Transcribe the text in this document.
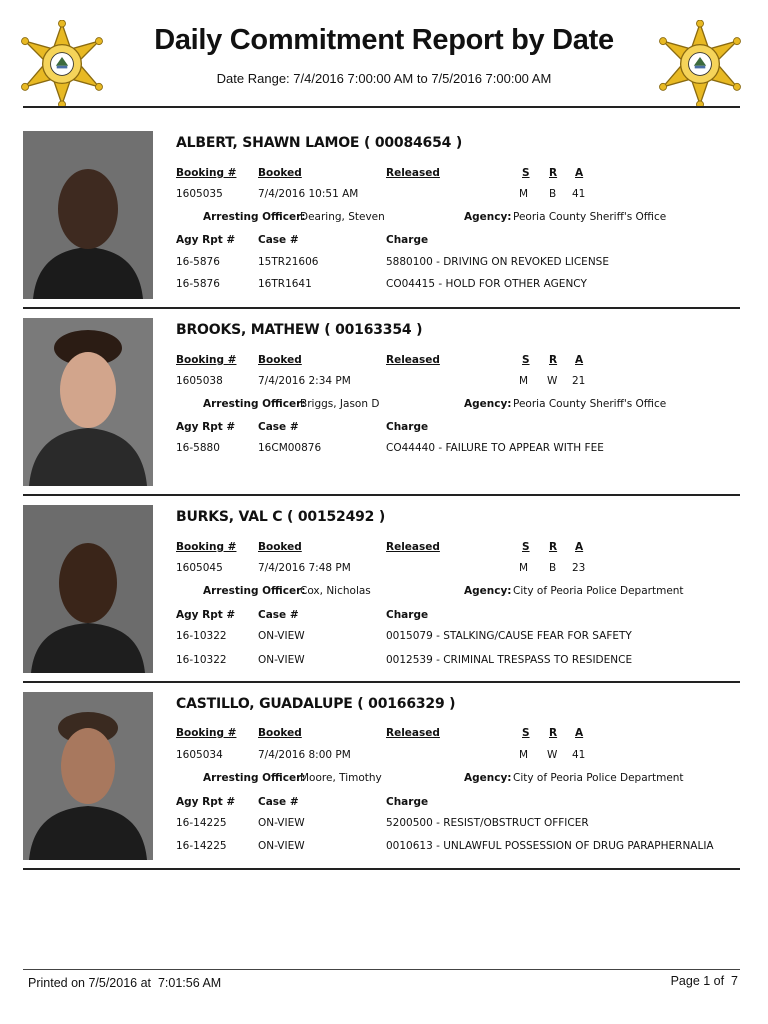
Daily Commitment Report by Date
Date Range: 7/4/2016 7:00:00 AM to 7/5/2016 7:00:00 AM
ALBERT, SHAWN LAMOE ( 00084654 )
Booking # Booked	Released	S R A
1605035	7/4/2016 10:51 AM	M B 41
Arresting Officer:
Dearing, Steven	Agency: Peoria County Sheriff's Office
Agy Rpt # Case #	Charge
16-5876	15TR21606	5880100 - DRIVING ON REVOKED LICENSE
16-5876	16TR1641	CO04415 - HOLD FOR OTHER AGENCY
BROOKS, MATHEW ( 00163354 )
Booking # Booked	Released	S R A
1605038	7/4/2016 2:34 PM	M W 21
Arresting Officer:
Briggs, Jason D	Agency: Peoria County Sheriff's Office
Agy Rpt # Case #	Charge
16-5880	16CM00876	CO44440 - FAILURE TO APPEAR WITH FEE
BURKS, VAL C ( 00152492 )
Booking # Booked	Released	S R A
1605045	7/4/2016 7:48 PM	M B 23
Arresting Officer:
Cox, Nicholas	Agency: City of Peoria Police Department
Agy Rpt # Case #	Charge
16-10322	ON-VIEW	0015079 - STALKING/CAUSE FEAR FOR SAFETY
16-10322	ON-VIEW	0012539 - CRIMINAL TRESPASS TO RESIDENCE
CASTILLO, GUADALUPE ( 00166329 )
Booking # Booked	Released	S R A
1605034	7/4/2016 8:00 PM	M W 41
Arresting Officer:
Moore, Timothy	Agency: City of Peoria Police Department
Agy Rpt # Case #	Charge
16-14225	ON-VIEW	5200500 - RESIST/OBSTRUCT OFFICER
16-14225	ON-VIEW	0010613 - UNLAWFUL POSSESSION OF DRUG PARAPHERNALIA
Printed on 7/5/2016 at  7:01:56 AM	Page 1 of  7
